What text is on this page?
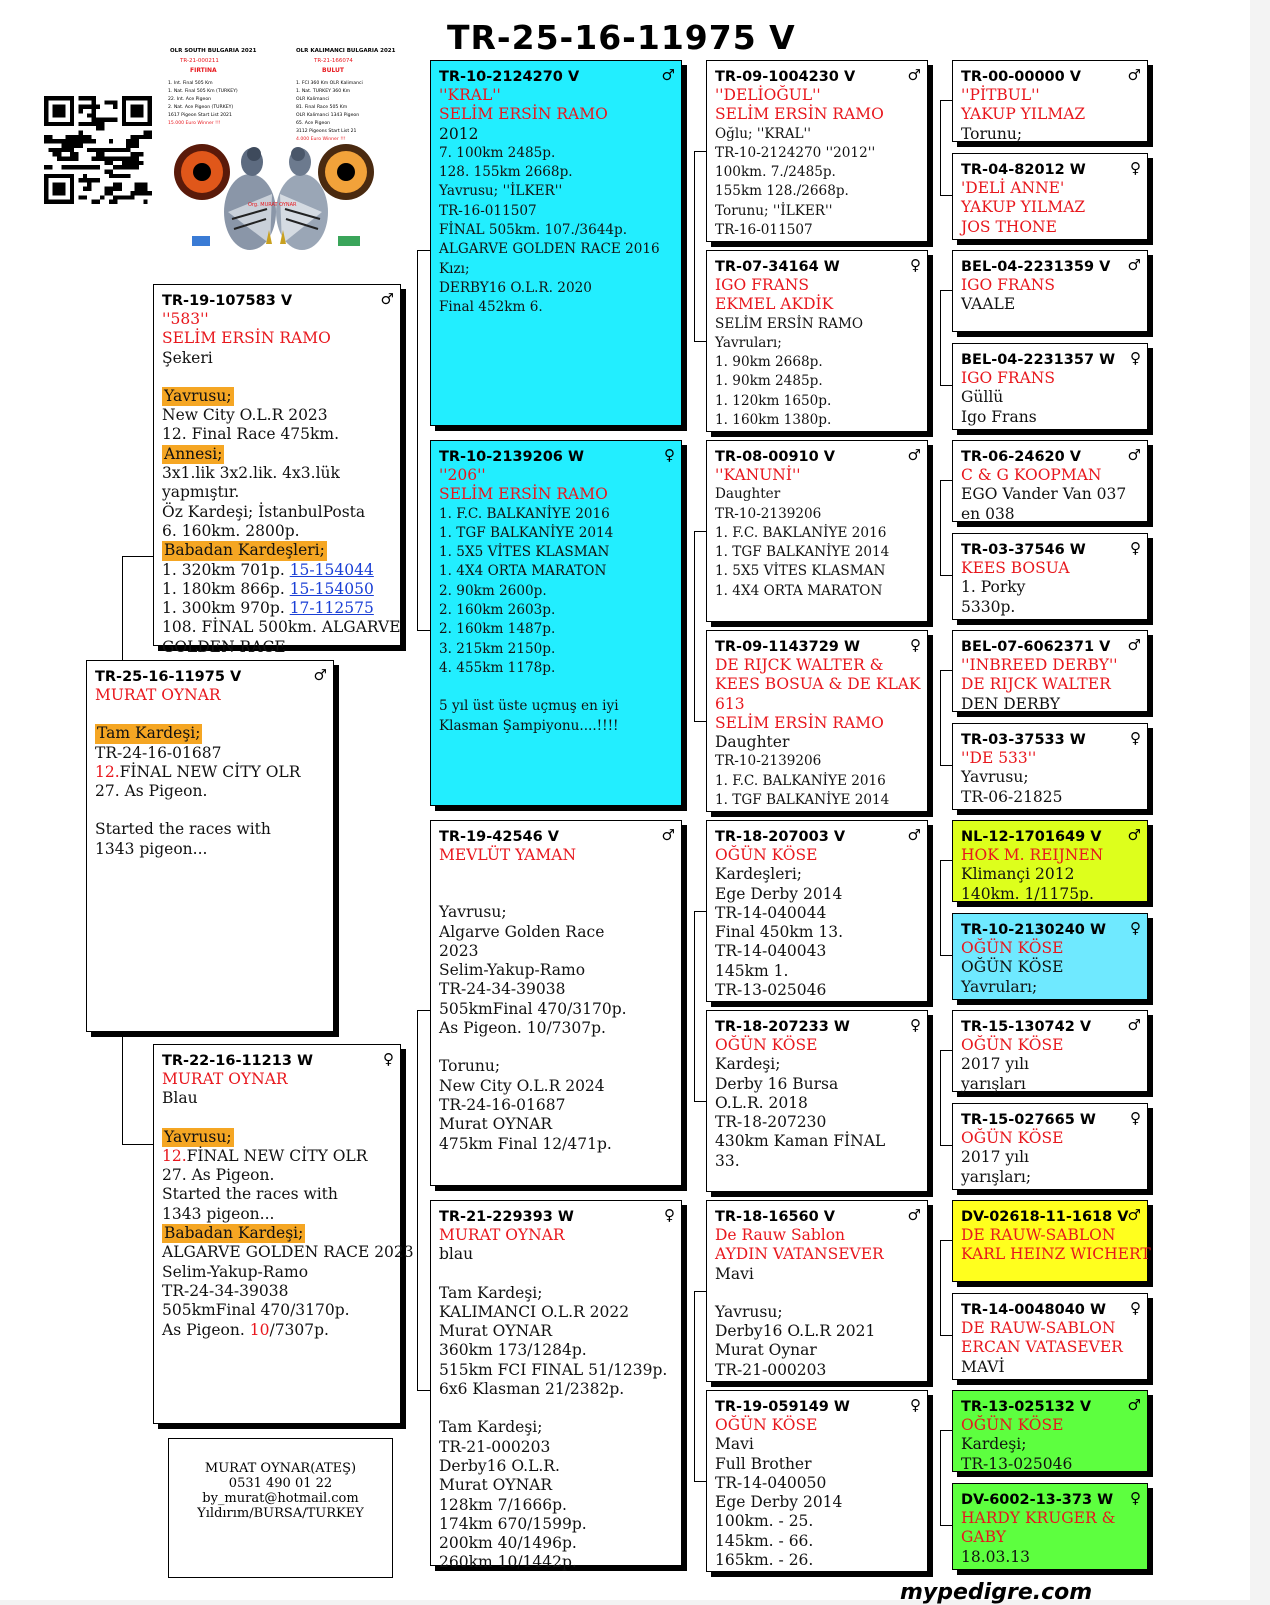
TR-25-16-11975 V
OLR SOUTH BULGARIA 2021
TR-21-000211
FIRTINA
1. Int. Final 505 Km
1. Nat. Final 505 Km (TURKEY)
22. Int. Ace Pigeon
2. Nat. Ace Pigeon (TURKEY)
1617 Pigeon Start List 2021
15.000 Euro Winner !!!
OLR KALIMANCI BULGARIA 2021
TR-21-166074
BULUT
1. FCI 360 Km OLR Kalimanci
1. Nat. TURKEY 360 Km
OLR Kalimanci
81. Final Race 505 Km
OLR Kalimanci 1343 Pigeon
65. Ace Pigeon
3112 Pigeons Start List 21
4.000 Euro Winner !!!
Org. MURAT OYNAR
TR-25-16-11975 V	♂
MURAT OYNAR
Tam Kardeşi;
TR-24-16-01687
12.FİNAL NEW CİTY OLR
27. As Pigeon.
Started the races with
1343 pigeon...
TR-19-107583 V	♂
''583''
SELİM ERSİN RAMO
Şekeri
Yavrusu;
New City O.L.R 2023
12. Final Race 475km.
Annesi;
3x1.lik 3x2.lik. 4x3.lük
yapmıştır.
Öz Kardeşi; İstanbulPosta
6. 160km. 2800p.
Babadan Kardeşleri;
1. 320km 701p. 15-154044
1. 180km 866p. 15-154050
1. 300km 970p. 17-112575
108. FİNAL 500km. ALGARVE
GOLDEN RACE
TR-22-16-11213 W	♀
MURAT OYNAR
Blau
Yavrusu;
12.FİNAL NEW CİTY OLR
27. As Pigeon.
Started the races with
1343 pigeon...
Babadan Kardeşi;
ALGARVE GOLDEN RACE 2023
Selim-Yakup-Ramo
TR-24-34-39038
505kmFinal 470/3170p.
As Pigeon. 10/7307p.
TR-10-2124270 V	♂
''KRAL''
SELİM ERSİN RAMO
2012
7. 100km 2485p.
128. 155km 2668p.
Yavrusu; ''İLKER''
TR-16-011507
FİNAL 505km. 107./3644p.
ALGARVE GOLDEN RACE 2016
Kızı;
DERBY16 O.L.R. 2020
Final 452km 6.
TR-10-2139206 W	♀
''206''
SELİM ERSİN RAMO
1. F.C. BALKANİYE 2016
1. TGF BALKANİYE 2014
1. 5X5 VİTES KLASMAN
1. 4X4 ORTA MARATON
2. 90km 2600p.
2. 160km 2603p.
2. 160km 1487p.
3. 215km 2150p.
4. 455km 1178p.
5 yıl üst üste uçmuş en iyi
Klasman Şampiyonu....!!!!
TR-19-42546 V	♂
MEVLÜT YAMAN
Yavrusu;
Algarve Golden Race
2023
Selim-Yakup-Ramo
TR-24-34-39038
505kmFinal 470/3170p.
As Pigeon. 10/7307p.
Torunu;
New City O.L.R 2024
TR-24-16-01687
Murat OYNAR
475km Final 12/471p.
TR-21-229393 W	♀
MURAT OYNAR
blau
Tam Kardeşi;
KALIMANCI O.L.R 2022
Murat OYNAR
360km 173/1284p.
515km FCI FINAL 51/1239p.
6x6 Klasman 21/2382p.
Tam Kardeşi;
TR-21-000203
Derby16 O.L.R.
Murat OYNAR
128km 7/1666p.
174km 670/1599p.
200km 40/1496p.
260km 10/1442p.
TR-09-1004230 V	♂
''DELİOĞUL''
SELİM ERSİN RAMO
Oğlu; ''KRAL''
TR-10-2124270 ''2012''
100km. 7./2485p.
155km 128./2668p.
Torunu; ''İLKER''
TR-16-011507
TR-07-34164 W	♀
IGO FRANS
EKMEL AKDİK
SELİM ERSİN RAMO
Yavruları;
1. 90km 2668p.
1. 90km 2485p.
1. 120km 1650p.
1. 160km 1380p.
TR-08-00910 V	♂
''KANUNİ''
Daughter
TR-10-2139206
1. F.C. BAKLANİYE 2016
1. TGF BALKANİYE 2014
1. 5X5 VİTES KLASMAN
1. 4X4 ORTA MARATON
TR-09-1143729 W	♀
DE RIJCK WALTER &
KEES BOSUA & DE KLAK
613
SELİM ERSİN RAMO
Daughter
TR-10-2139206
1. F.C. BALKANİYE 2016
1. TGF BALKANİYE 2014
TR-18-207003 V	♂
OĞÜN KÖSE
Kardeşleri;
Ege Derby 2014
TR-14-040044
Final 450km 13.
TR-14-040043
145km 1.
TR-13-025046
TR-18-207233 W	♀
OĞÜN KÖSE
Kardeşi;
Derby 16 Bursa
O.L.R. 2018
TR-18-207230
430km Kaman FİNAL
33.
TR-18-16560 V	♂
De Rauw Sablon
AYDIN VATANSEVER
Mavi
Yavrusu;
Derby16 O.L.R 2021
Murat Oynar
TR-21-000203
TR-19-059149 W	♀
OĞÜN KÖSE
Mavi
Full Brother
TR-14-040050
Ege Derby 2014
100km. - 25.
145km. - 66.
165km. - 26.
TR-00-00000 V	♂
''PİTBUL''
YAKUP YILMAZ
Torunu;
TR-04-82012 W	♀
'DELİ ANNE'
YAKUP YILMAZ
JOS THONE
BEL-04-2231359 V	♂
IGO FRANS
VAALE
BEL-04-2231357 W ♀
IGO FRANS
Güllü
Igo Frans
TR-06-24620 V	♂
C & G KOOPMAN
EGO Vander Van 037
en 038
TR-03-37546 W	♀
KEES BOSUA
1. Porky
5330p.
BEL-07-6062371 V	♂
''INBREED DERBY''
DE RIJCK WALTER
DEN DERBY
TR-03-37533 W	♀
''DE 533''
Yavrusu;
TR-06-21825
NL-12-1701649 V	♂
HOK M. REIJNEN
Klimançi 2012
140km. 1/1175p.
TR-10-2130240 W	♀
OĞÜN KÖSE
OĞÜN KÖSE
Yavruları;
TR-15-130742 V	♂
OĞÜN KÖSE
2017 yılı
yarışları
TR-15-027665 W	♀
OĞÜN KÖSE
2017 yılı
yarışları;
DV-02618-11-1618 V ♂
DE RAUW-SABLON
KARL HEINZ WICHERT
TR-14-0048040 W	♀
DE RAUW-SABLON
ERCAN VATASEVER
MAVİ
TR-13-025132 V	♂
OĞÜN KÖSE
Kardeşi;
TR-13-025046
DV-6002-13-373 W	♀
HARDY KRUGER &
GABY
18.03.13
MURAT OYNAR(ATEŞ)
0531 490 01 22
by_murat@hotmail.com
Yıldırım/BURSA/TURKEY
mypedigre.com
